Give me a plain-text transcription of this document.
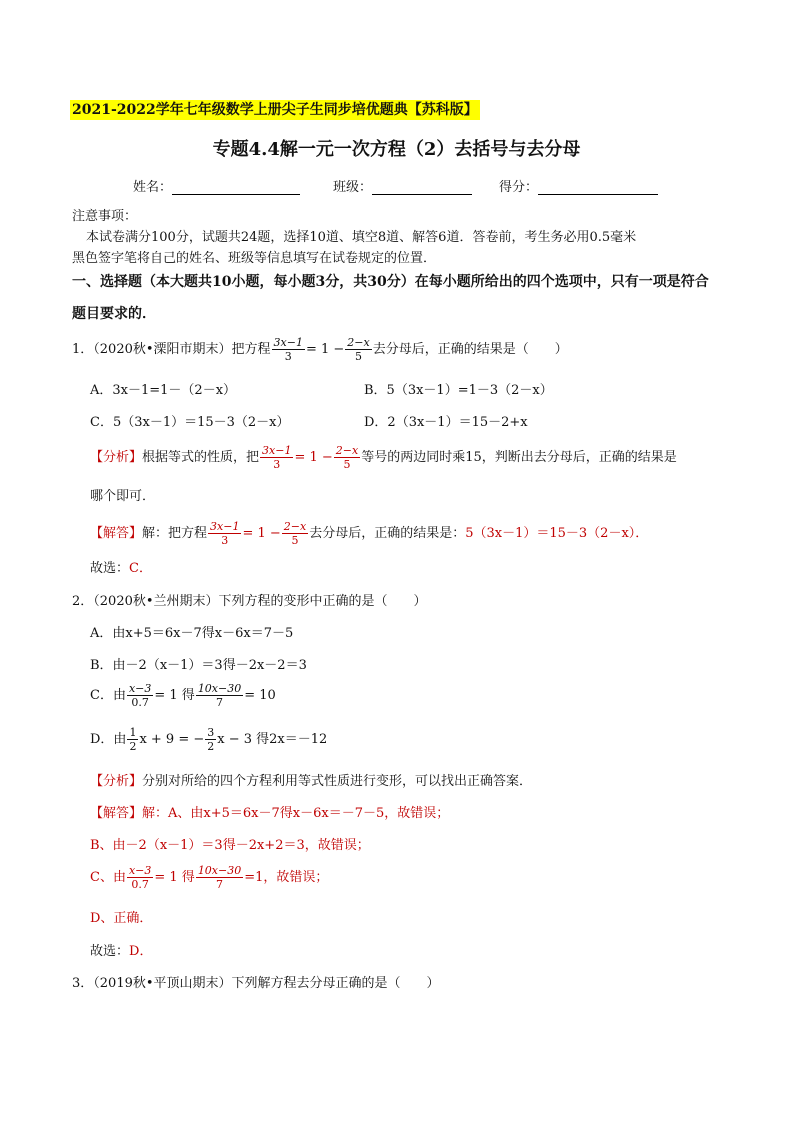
2021-2022学年七年级数学上册尖子生同步培优题典【苏科版】
专题4.4解一元一次方程（2）去括号与去分母
姓名：	班级：	得分：
注意事项：
本试卷满分100分，试题共24题，选择10道、填空8道、解答6道．答卷前，考生务必用0.5毫米
黑色签字笔将自己的姓名、班级等信息填写在试卷规定的位置．
一、选择题（本大题共10小题，每小题3分，共30分）在每小题所给出的四个选项中，只有一项是符合
题目要求的．
1．（2020秋•溧阳市期末）把方程 $\frac{3x-1}{3} = 1 - \frac{2-x}{5}$ 去分母后，正确的结果是（　　）
A．3x－1=1－（2－x）	B．5（3x－1）=1－3（2－x）
C．5（3x－1）＝15－3（2－x）	D．2（3x－1）＝15－2+x
【分析】根据等式的性质，把 $\frac{3x-1}{3} = 1 - \frac{2-x}{5}$ 等号的两边同时乘15，判断出去分母后，正确的结果是
哪个即可．
【解答】解：把方程 $\frac{3x-1}{3} = 1 - \frac{2-x}{5}$ 去分母后，正确的结果是：5（3x－1）＝15－3（2－x）．
故选：C．
2．（2020秋•兰州期末）下列方程的变形中正确的是（　　）
A．由x+5＝6x－7得x－6x＝7－5
B．由－2（x－1）＝3得－2x－2＝3
C．由 $\frac{x-3}{0.7} = 1$ 得 $\frac{10x-30}{7} = 10$
D．由 $\frac{1}{2}$ x + 9 = − $\frac{3}{2}$ x − 3 得2x＝－12
【分析】分别对所给的四个方程利用等式性质进行变形，可以找出正确答案．
【解答】解：A、由x+5＝6x－7得x－6x＝－7－5，故错误；
B、由－2（x－1）＝3得－2x+2＝3，故错误；
C、由 $\frac{x-3}{0.7} = 1$ 得 $\frac{10x-30}{7} =1$，故错误；
D、正确．
故选：D．
3．（2019秋•平顶山期末）下列解方程去分母正确的是（　　）
